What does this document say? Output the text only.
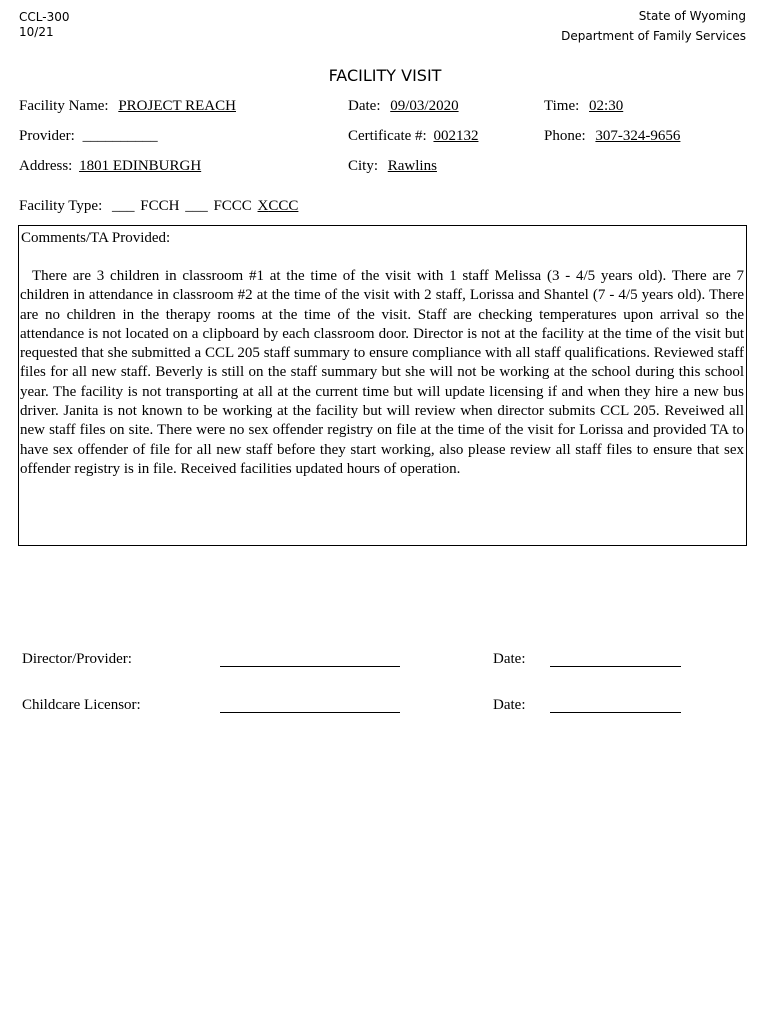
CCL-300
10/21
State of Wyoming
Department of Family Services
FACILITY VISIT
Facility Name: PROJECT REACH	Date: 09/03/2020	Time: 02:30
Provider: __________	Certificate #: 002132	Phone: 307-324-9656
Address: 1801 EDINBURGH	City: Rawlins
Facility Type: ___ FCCH ___ FCCC XCCC
Comments/TA Provided:
There are 3 children in classroom #1 at the time of the visit with 1 staff Melissa (3 - 4/5 years old). There are 7 children in attendance in classroom #2 at the time of the visit with 2 staff, Lorissa and Shantel (7 - 4/5 years old). There are no children in the therapy rooms at the time of the visit. Staff are checking temperatures upon arrival so the attendance is not located on a clipboard by each classroom door. Director is not at the facility at the time of the visit but requested that she submitted a CCL 205 staff summary to ensure compliance with all staff qualifications. Reviewed staff files for all new staff. Beverly is still on the staff summary but she will not be working at the school during this school year. The facility is not transporting at all at the current time but will update licensing if and when they hire a new bus driver. Janita is not known to be working at the facility but will review when director submits CCL 205. Reveiwed all new staff files on site. There were no sex offender registry on file at the time of the visit for Lorissa and provided TA to have sex offender of file for all new staff before they start working, also please review all staff files to ensure that sex offender registry is in file. Received facilities updated hours of operation.
Director/Provider:	Date:
Childcare Licensor:	Date:
